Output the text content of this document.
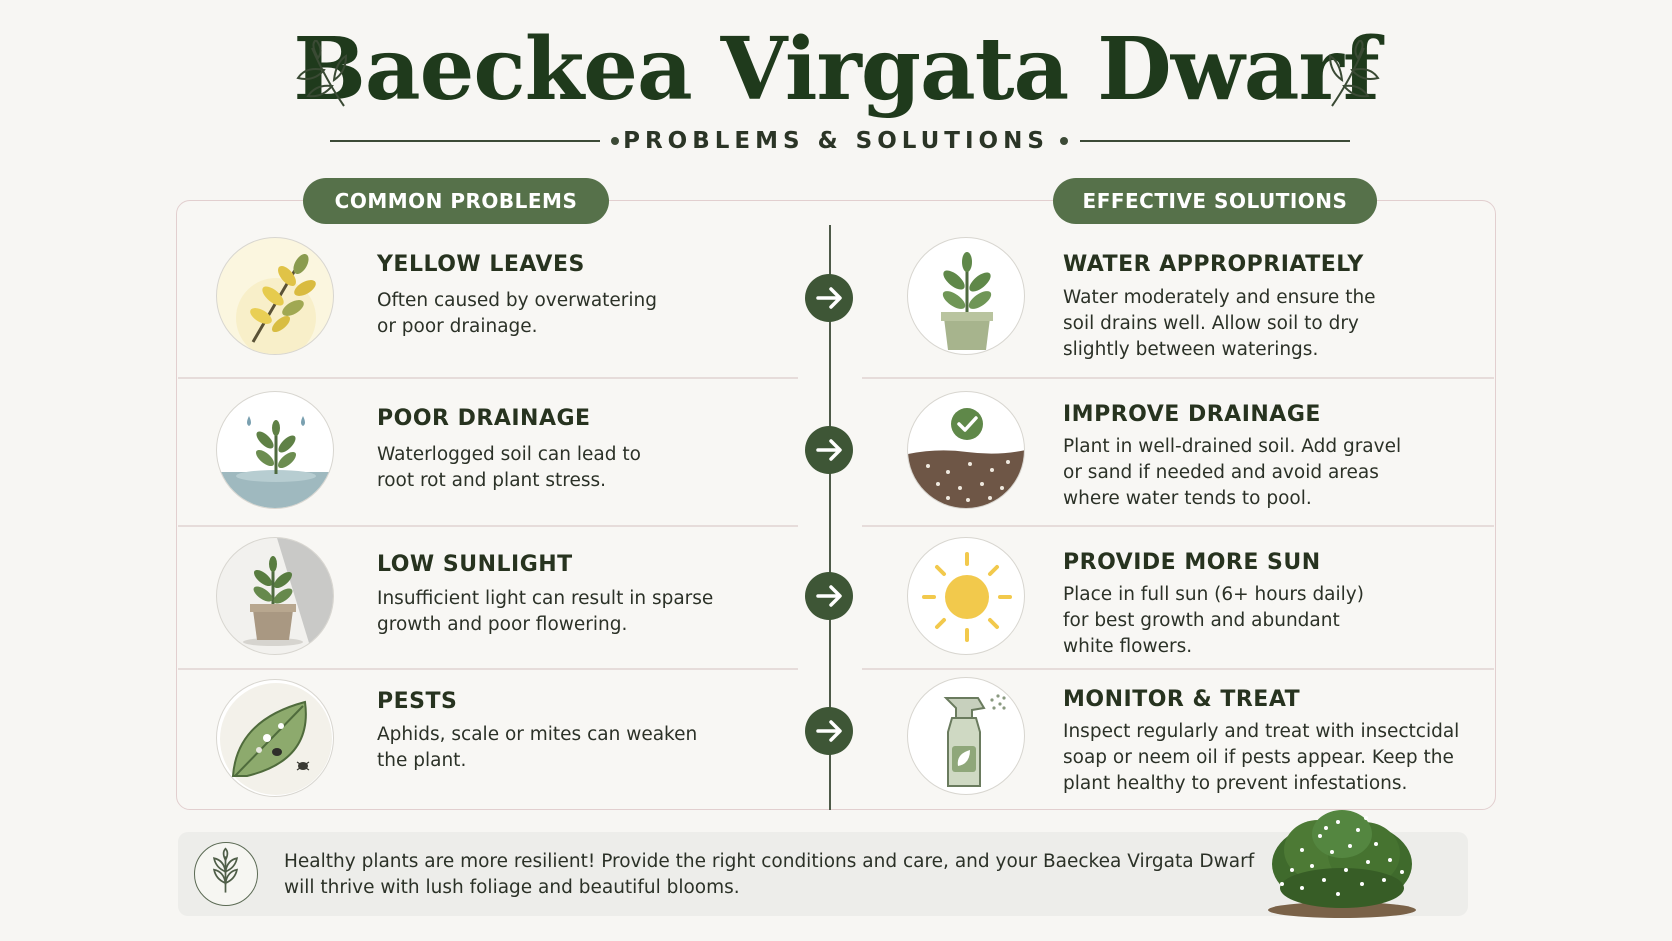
Baeckea Virgata Dwarf
PROBLEMS & SOLUTIONS
COMMON PROBLEMS	EFFECTIVE SOLUTIONS
YELLOW LEAVES
Often caused by overwatering
or poor drainage.
POOR DRAINAGE
Waterlogged soil can lead to
root rot and plant stress.
LOW SUNLIGHT
Insufficient light can result in sparse
growth and poor flowering.
PESTS
Aphids, scale or mites can weaken
the plant.
WATER APPROPRIATELY
Water moderately and ensure the
soil drains well. Allow soil to dry
slightly between waterings.
IMPROVE DRAINAGE
Plant in well-drained soil. Add gravel
or sand if needed and avoid areas
where water tends to pool.
PROVIDE MORE SUN
Place in full sun (6+ hours daily)
for best growth and abundant
white flowers.
MONITOR & TREAT
Inspect regularly and treat with insectcidal
soap or neem oil if pests appear. Keep the
plant healthy to prevent infestations.
Healthy plants are more resilient! Provide the right conditions and care, and your Baeckea Virgata Dwarf
will thrive with lush foliage and beautiful blooms.
